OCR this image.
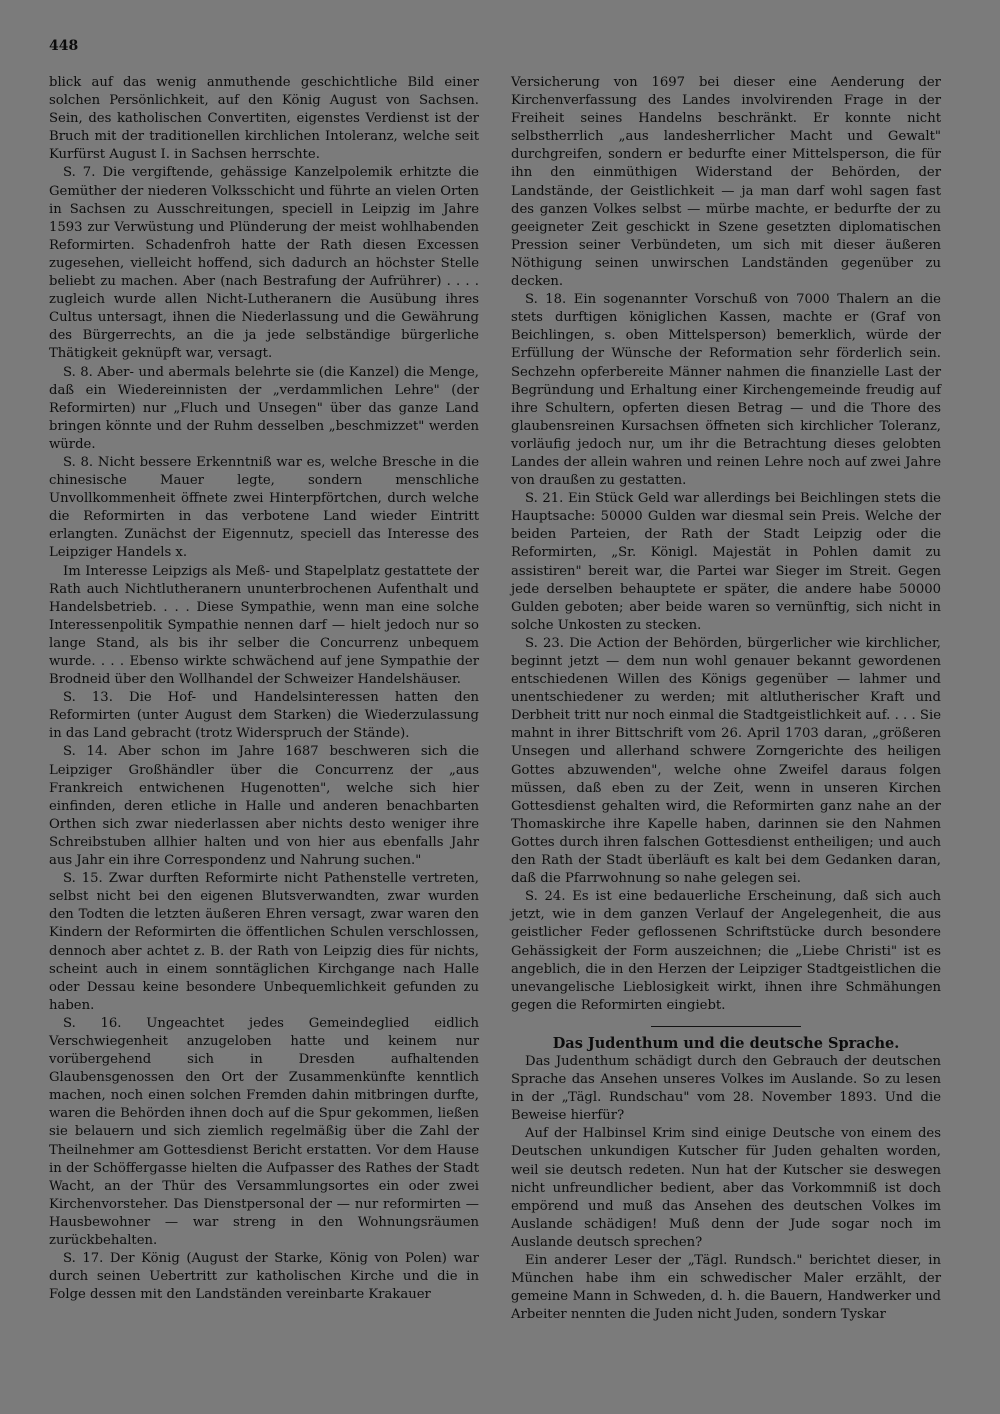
448

blick auf das wenig anmuthende geschichtliche Bild einer solchen Persönlichkeit, auf den König August von Sachsen. Sein, des katholischen Convertiten, eigenstes Verdienst ist der Bruch mit der traditionellen kirchlichen Intoleranz, welche seit Kurfürst August I. in Sachsen herrschte.

S. 7. Die vergiftende, gehässige Kanzelpolemik erhitzte die Gemüther der niederen Volksschicht und führte an vielen Orten in Sachsen zu Ausschreitungen, speciell in Leipzig im Jahre 1593 zur Verwüstung und Plünderung der meist wohlhabenden Reformirten. Schadenfroh hatte der Rath diesen Excessen zugesehen, vielleicht hoffend, sich dadurch an höchster Stelle beliebt zu machen. Aber (nach Bestrafung der Aufrührer) . . . . zugleich wurde allen Nicht-Lutheranern die Ausübung ihres Cultus untersagt, ihnen die Niederlassung und die Gewährung des Bürgerrechts, an die ja jede selbständige bürgerliche Thätigkeit geknüpft war, versagt.

S. 8. Aber- und abermals belehrte sie (die Kanzel) die Menge, daß ein Wiedereinnisten der „verdammlichen Lehre" (der Reformirten) nur „Fluch und Unsegen" über das ganze Land bringen könnte und der Ruhm desselben „beschmizzet" werden würde.

S. 8. Nicht bessere Erkenntniß war es, welche Bresche in die chinesische Mauer legte, sondern menschliche Unvollkommenheit öffnete zwei Hinterpförtchen, durch welche die Reformirten in das verbotene Land wieder Eintritt erlangten. Zunächst der Eigennutz, speciell das Interesse des Leipziger Handels x.

Im Interesse Leipzigs als Meß- und Stapelplatz gestattete der Rath auch Nichtlutheranern ununterbrochenen Aufenthalt und Handelsbetrieb. . . . Diese Sympathie, wenn man eine solche Interessenpolitik Sympathie nennen darf — hielt jedoch nur so lange Stand, als bis ihr selber die Concurrenz unbequem wurde. . . . Ebenso wirkte schwächend auf jene Sympathie der Brodneid über den Wollhandel der Schweizer Handelshäuser.

S. 13. Die Hof- und Handelsinteressen hatten den Reformirten (unter August dem Starken) die Wiederzulassung in das Land gebracht (trotz Widerspruch der Stände).

S. 14. Aber schon im Jahre 1687 beschweren sich die Leipziger Großhändler über die Concurrenz der „aus Frankreich entwichenen Hugenotten", welche sich hier einfinden, deren etliche in Halle und anderen benachbarten Orthen sich zwar niederlassen aber nichts desto weniger ihre Schreibstuben allhier halten und von hier aus ebenfalls Jahr aus Jahr ein ihre Correspondenz und Nahrung suchen."

S. 15. Zwar durften Reformirte nicht Pathenstelle vertreten, selbst nicht bei den eigenen Blutsverwandten, zwar wurden den Todten die letzten äußeren Ehren versagt, zwar waren den Kindern der Reformirten die öffentlichen Schulen verschlossen, dennoch aber achtet z. B. der Rath von Leipzig dies für nichts, scheint auch in einem sonntäglichen Kirchgange nach Halle oder Dessau keine besondere Unbequemlichkeit gefunden zu haben.

S. 16. Ungeachtet jedes Gemeindeglied eidlich Verschwiegenheit anzugeloben hatte und keinem nur vorübergehend sich in Dresden aufhaltenden Glaubensgenossen den Ort der Zusammenkünfte kenntlich machen, noch einen solchen Fremden dahin mitbringen durfte, waren die Behörden ihnen doch auf die Spur gekommen, ließen sie belauern und sich ziemlich regelmäßig über die Zahl der Theilnehmer am Gottesdienst Bericht erstatten. Vor dem Hause in der Schöffergasse hielten die Aufpasser des Rathes der Stadt Wacht, an der Thür des Versammlungsortes ein oder zwei Kirchenvorsteher. Das Dienstpersonal der — nur reformirten — Hausbewohner — war streng in den Wohnungsräumen zurückbehalten.

S. 17. Der König (August der Starke, König von Polen) war durch seinen Uebertritt zur katholischen Kirche und die in Folge dessen mit den Landständen vereinbarte Krakauer

Versicherung von 1697 bei dieser eine Aenderung der Kirchenverfassung des Landes involvirenden Frage in der Freiheit seines Handelns beschränkt. Er konnte nicht selbstherrlich „aus landesherrlicher Macht und Gewalt" durchgreifen, sondern er bedurfte einer Mittelsperson, die für ihn den einmüthigen Widerstand der Behörden, der Landstände, der Geistlichkeit — ja man darf wohl sagen fast des ganzen Volkes selbst — mürbe machte, er bedurfte der zu geeigneter Zeit geschickt in Szene gesetzten diplomatischen Pression seiner Verbündeten, um sich mit dieser äußeren Nöthigung seinen unwirschen Landständen gegenüber zu decken.

S. 18. Ein sogenannter Vorschuß von 7000 Thalern an die stets durftigen königlichen Kassen, machte er (Graf von Beichlingen, s. oben Mittelsperson) bemerklich, würde der Erfüllung der Wünsche der Reformation sehr förderlich sein. Sechzehn opferbereite Männer nahmen die finanzielle Last der Begründung und Erhaltung einer Kirchengemeinde freudig auf ihre Schultern, opferten diesen Betrag — und die Thore des glaubensreinen Kursachsen öffneten sich kirchlicher Toleranz, vorläufig jedoch nur, um ihr die Betrachtung dieses gelobten Landes der allein wahren und reinen Lehre noch auf zwei Jahre von draußen zu gestatten.

S. 21. Ein Stück Geld war allerdings bei Beichlingen stets die Hauptsache: 50000 Gulden war diesmal sein Preis. Welche der beiden Parteien, der Rath der Stadt Leipzig oder die Reformirten, „Sr. Königl. Majestät in Pohlen damit zu assistiren" bereit war, die Partei war Sieger im Streit. Gegen jede derselben behauptete er später, die andere habe 50000 Gulden geboten; aber beide waren so vernünftig, sich nicht in solche Unkosten zu stecken.

S. 23. Die Action der Behörden, bürgerlicher wie kirchlicher, beginnt jetzt — dem nun wohl genauer bekannt gewordenen entschiedenen Willen des Königs gegenüber — lahmer und unentschiedener zu werden; mit altlutherischer Kraft und Derbheit tritt nur noch einmal die Stadtgeistlichkeit auf. . . . Sie mahnt in ihrer Bittschrift vom 26. April 1703 daran, „größeren Unsegen und allerhand schwere Zorngerichte des heiligen Gottes abzuwenden", welche ohne Zweifel daraus folgen müssen, daß eben zu der Zeit, wenn in unseren Kirchen Gottesdienst gehalten wird, die Reformirten ganz nahe an der Thomaskirche ihre Kapelle haben, darinnen sie den Nahmen Gottes durch ihren falschen Gottesdienst entheiligen; und auch den Rath der Stadt überläuft es kalt bei dem Gedanken daran, daß die Pfarrwohnung so nahe gelegen sei.

S. 24. Es ist eine bedauerliche Erscheinung, daß sich auch jetzt, wie in dem ganzen Verlauf der Angelegenheit, die aus geistlicher Feder geflossenen Schriftstücke durch besondere Gehässigkeit der Form auszeichnen; die „Liebe Christi" ist es angeblich, die in den Herzen der Leipziger Stadtgeistlichen die unevangelische Lieblosigkeit wirkt, ihnen ihre Schmähungen gegen die Reformirten eingiebt.

Das Judenthum und die deutsche Sprache.

Das Judenthum schädigt durch den Gebrauch der deutschen Sprache das Ansehen unseres Volkes im Auslande. So zu lesen in der „Tägl. Rundschau" vom 28. November 1893. Und die Beweise hierfür?

Auf der Halbinsel Krim sind einige Deutsche von einem des Deutschen unkundigen Kutscher für Juden gehalten worden, weil sie deutsch redeten. Nun hat der Kutscher sie deswegen nicht unfreundlicher bedient, aber das Vorkommniß ist doch empörend und muß das Ansehen des deutschen Volkes im Auslande schädigen! Muß denn der Jude sogar noch im Auslande deutsch sprechen?

Ein anderer Leser der „Tägl. Rundsch." berichtet dieser, in München habe ihm ein schwedischer Maler erzählt, der gemeine Mann in Schweden, d. h. die Bauern, Handwerker und Arbeiter nennten die Juden nicht Juden, sondern Tyskar
